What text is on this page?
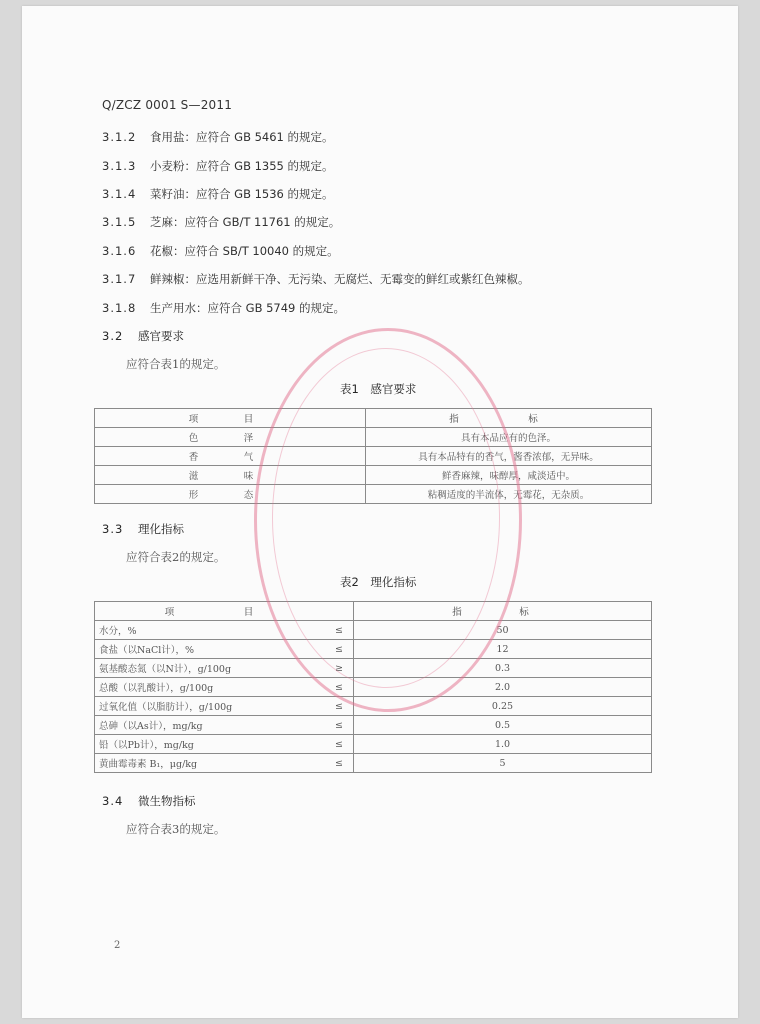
Q/ZCZ 0001 S—2011
3.1.2 食用盐：应符合 GB 5461 的规定。
3.1.3 小麦粉：应符合 GB 1355 的规定。
3.1.4 菜籽油：应符合 GB 1536 的规定。
3.1.5 芝麻：应符合 GB/T 11761 的规定。
3.1.6 花椒：应符合 SB/T 10040 的规定。
3.1.7 鲜辣椒：应选用新鲜干净、无污染、无腐烂、无霉变的鲜红或紫红色辣椒。
3.1.8 生产用水：应符合 GB 5749 的规定。
3.2 感官要求
应符合表1的规定。
表1　感官要求
项　目	指　标
色　泽	具有本品应有的色泽。
香　气	具有本品特有的香气，酱香浓郁，无异味。
滋　味	鲜香麻辣，味醇厚，咸淡适中。
形　态	粘稠适度的半流体，无霉花，无杂质。
3.3 理化指标
应符合表2的规定。
表2　理化指标
项　目		指　标
水分，%	≤	50
食盐（以NaCl计），%	≤	12
氨基酸态氮（以N计），g/100g	≥	0.3
总酸（以乳酸计），g/100g	≤	2.0
过氧化值（以脂肪计），g/100g	≤	0.25
总砷（以As计），mg/kg	≤	0.5
铅（以Pb计），mg/kg	≤	1.0
黄曲霉毒素 B₁，μg/kg	≤	5
3.4 微生物指标
应符合表3的规定。
2
